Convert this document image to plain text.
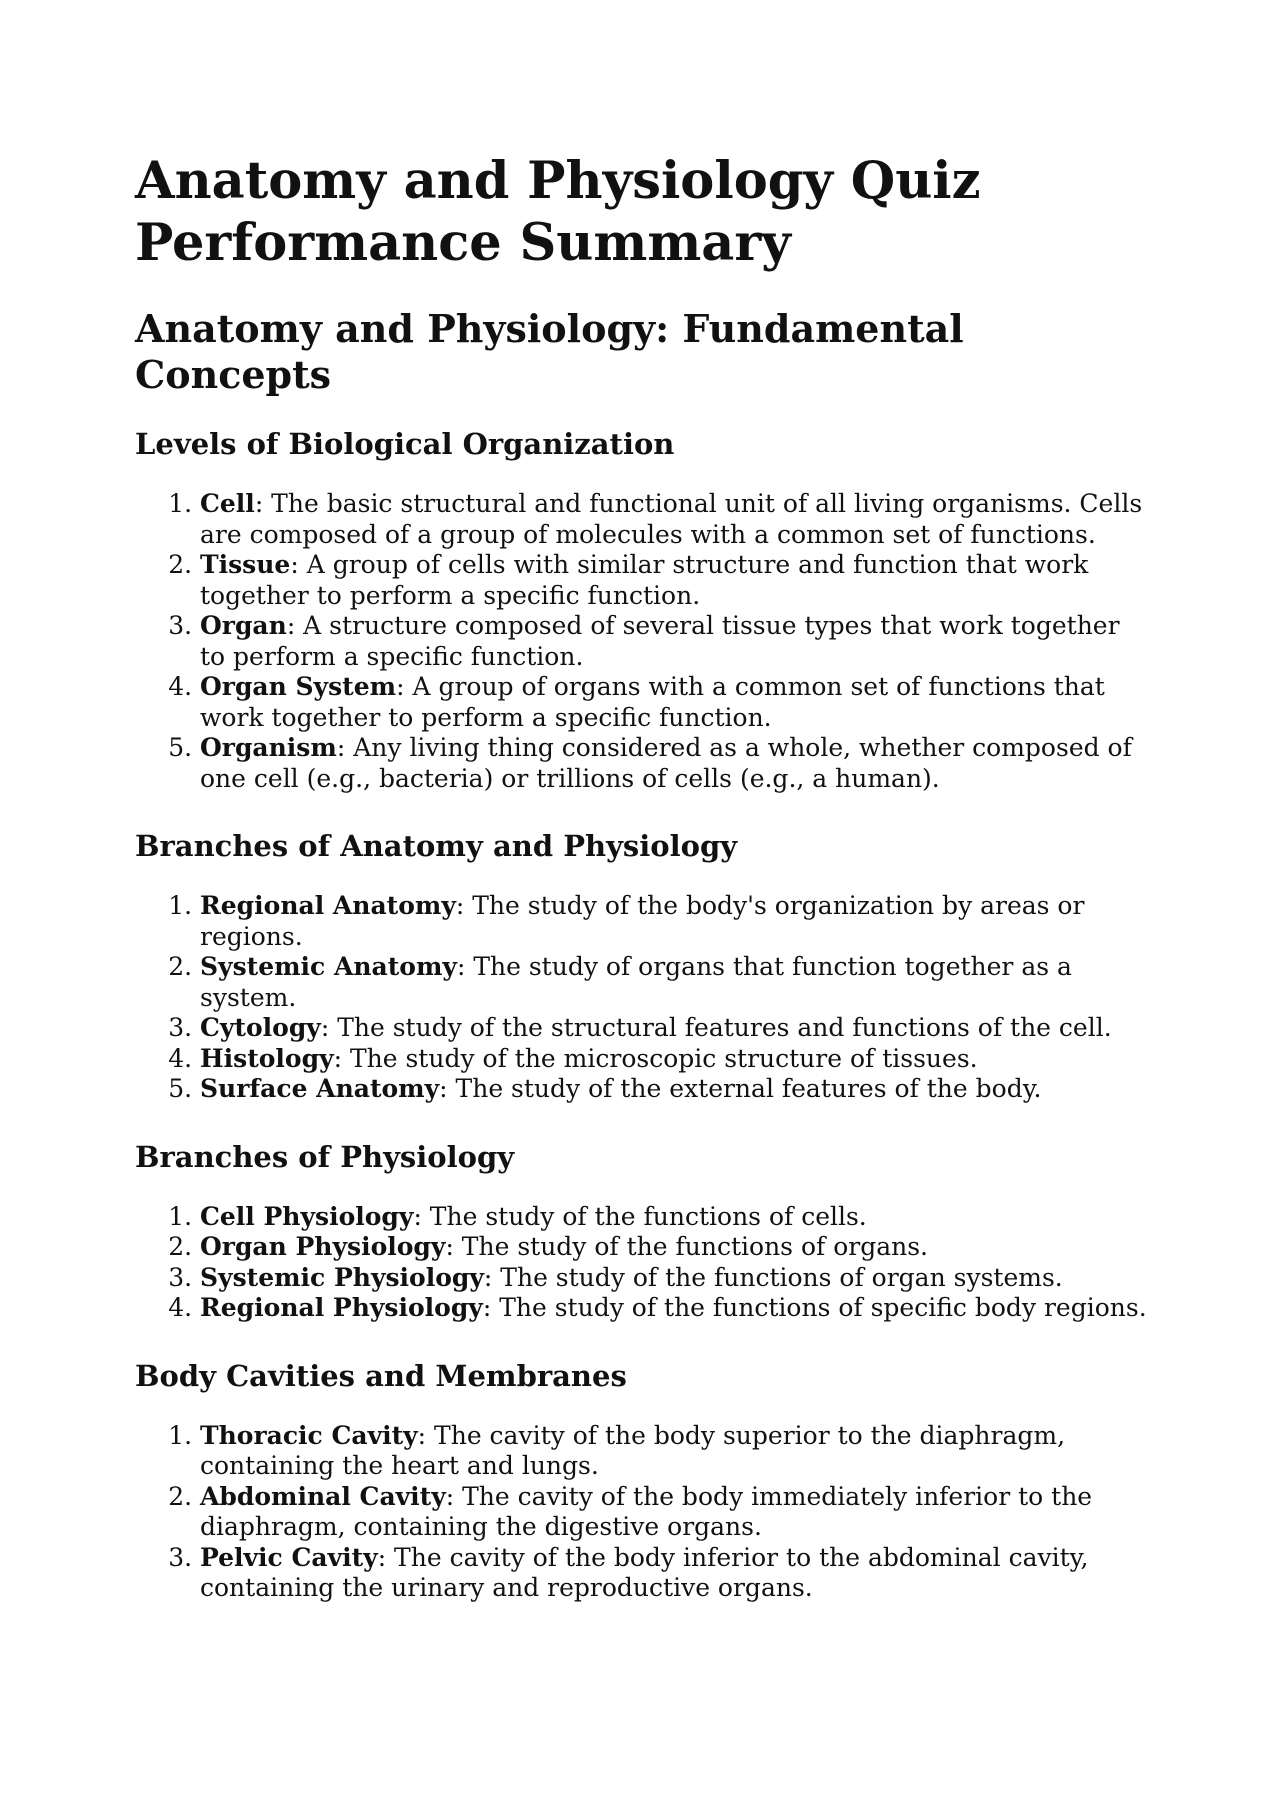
Anatomy and Physiology Quiz Performance Summary
Anatomy and Physiology: Fundamental Concepts
Levels of Biological Organization
1. Cell: The basic structural and functional unit of all living organisms. Cells are composed of a group of molecules with a common set of functions.
2. Tissue: A group of cells with similar structure and function that work together to perform a specific function.
3. Organ: A structure composed of several tissue types that work together to perform a specific function.
4. Organ System: A group of organs with a common set of functions that work together to perform a specific function.
5. Organism: Any living thing considered as a whole, whether composed of one cell (e.g., bacteria) or trillions of cells (e.g., a human).
Branches of Anatomy and Physiology
1. Regional Anatomy: The study of the body's organization by areas or regions.
2. Systemic Anatomy: The study of organs that function together as a system.
3. Cytology: The study of the structural features and functions of the cell.
4. Histology: The study of the microscopic structure of tissues.
5. Surface Anatomy: The study of the external features of the body.
Branches of Physiology
1. Cell Physiology: The study of the functions of cells.
2. Organ Physiology: The study of the functions of organs.
3. Systemic Physiology: The study of the functions of organ systems.
4. Regional Physiology: The study of the functions of specific body regions.
Body Cavities and Membranes
1. Thoracic Cavity: The cavity of the body superior to the diaphragm, containing the heart and lungs.
2. Abdominal Cavity: The cavity of the body immediately inferior to the diaphragm, containing the digestive organs.
3. Pelvic Cavity: The cavity of the body inferior to the abdominal cavity, containing the urinary and reproductive organs.
